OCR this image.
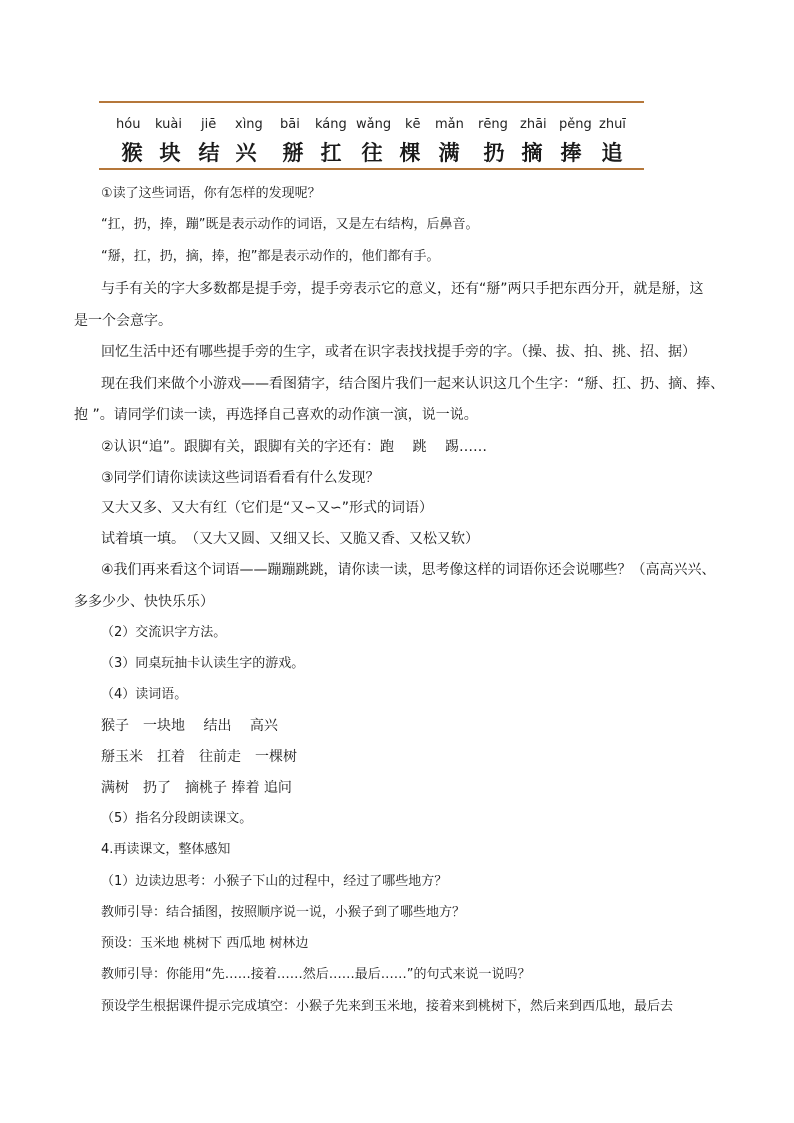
hóu kuài jiē xìng bāi káng wǎng kē mǎn rēng zhāi pěng zhuī
猴 块 结 兴 掰 扛 往 棵 满 扔 摘 捧 追
①读了这些词语，你有怎样的发现呢？
“扛，扔，捧，蹦”既是表示动作的词语，又是左右结构，后鼻音。
“掰，扛，扔，摘，捧，抱”都是表示动作的，他们都有手。
与手有关的字大多数都是提手旁，提手旁表示它的意义，还有“掰”两只手把东西分开，就是掰，这
是一个会意字。
回忆生活中还有哪些提手旁的生字，或者在识字表找找提手旁的字。（操、拔、拍、挑、招、据）
现在我们来做个小游戏——看图猜字，结合图片我们一起来认识这几个生字：“掰、扛、扔、摘、捧、
抱 ”。请同学们读一读，再选择自己喜欢的动作演一演，说一说。
②认识“追”。跟脚有关，跟脚有关的字还有：跑　 跳　 踢……
③同学们请你读读这些词语看看有什么发现？
又大又多、又大有红（它们是“又∽又∽”形式的词语）
试着填一填。　（又大又圆、又细又长、又脆又香、又松又软）
④我们再来看这个词语——蹦蹦跳跳，请你读一读，思考像这样的词语你还会说哪些？（高高兴兴、
多多少少、快快乐乐）
（2）交流识字方法。
（3）同桌玩抽卡认读生字的游戏。
（4）读词语。
猴子　一块地　 结出　 高兴
掰玉米　扛着　往前走　一棵树
满树　扔了　摘桃子 捧着 追问
（5）指名分段朗读课文。
4.再读课文，整体感知
（1）边读边思考：小猴子下山的过程中，经过了哪些地方？
教师引导：结合插图，按照顺序说一说，小猴子到了哪些地方？
预设：玉米地 桃树下 西瓜地 树林边
教师引导：你能用“先……接着……然后……最后……”的句式来说一说吗？
预设学生根据课件提示完成填空：小猴子先来到玉米地，接着来到桃树下，然后来到西瓜地，最后去
